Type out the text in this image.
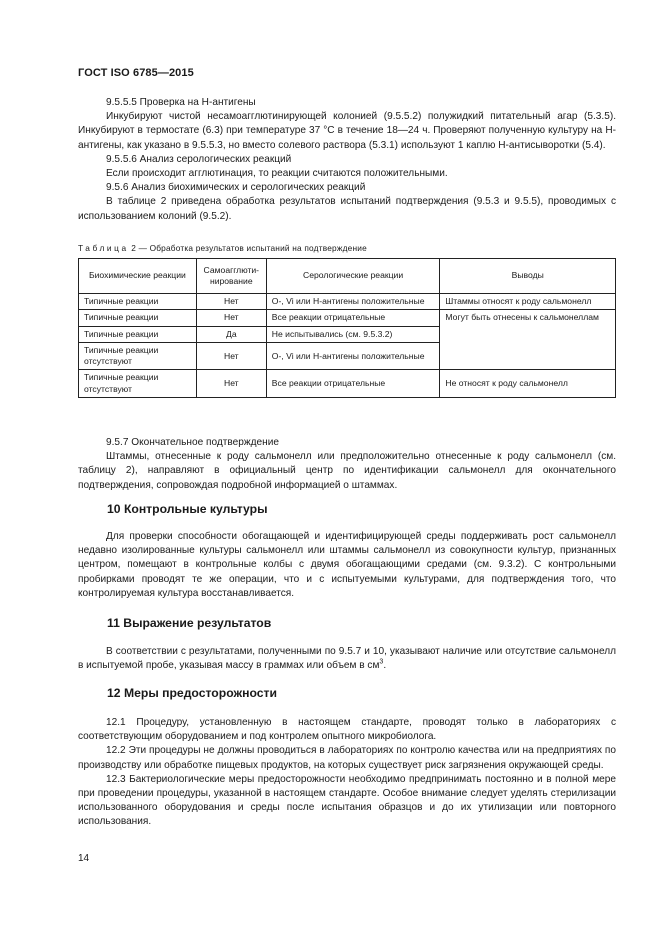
ГОСТ ISO 6785—2015

9.5.5.5 Проверка на Н-антигены

Инкубируют чистой несамоагглютинирующей колонией (9.5.5.2) полужидкий питательный агар (5.3.5). Инкубируют в термостате (6.3) при температуре 37 °С в течение 18—24 ч. Проверяют полученную культуру на Н-антигены, как указано в 9.5.5.3, но вместо солевого раствора (5.3.1) используют 1 каплю Н-антисыворотки (5.4).

9.5.5.6 Анализ серологических реакций

Если происходит агглютинация, то реакции считаются положительными.

9.5.6 Анализ биохимических и серологических реакций

В таблице 2 приведена обработка результатов испытаний подтверждения (9.5.3 и 9.5.5), проводимых с использованием колоний (9.5.2).

Таблица 2 — Обработка результатов испытаний на подтверждение
Биохимические реакции	Самоагглюти-нирование	Серологические реакции	Выводы
Типичные реакции	Нет	О-, Vi или Н-антигены положительные	Штаммы относят к роду сальмонелл
Типичные реакции	Нет	Все реакции отрицательные	Могут быть отнесены к сальмонеллам
Типичные реакции	Да	Не испытывались (см. 9.5.3.2)	
Типичные реакции отсутствуют	Нет	О-, Vi или Н-антигены положительные	
Типичные реакции отсутствуют	Нет	Все реакции отрицательные	Не относят к роду сальмонелл

9.5.7 Окончательное подтверждение

Штаммы, отнесенные к роду сальмонелл или предположительно отнесенные к роду сальмонелл (см. таблицу 2), направляют в официальный центр по идентификации сальмонелл для окончательного подтверждения, сопровождая подробной информацией о штаммах.

10 Контрольные культуры

Для проверки способности обогащающей и идентифицирующей среды поддерживать рост сальмонелл недавно изолированные культуры сальмонелл или штаммы сальмонелл из совокупности культур, признанных центром, помещают в контрольные колбы с двумя обогащающими средами (см. 9.3.2). С контрольными пробирками проводят те же операции, что и с испытуемыми культурами, для подтверждения того, что контролируемая культура восстанавливается.

11 Выражение результатов

В соответствии с результатами, полученными по 9.5.7 и 10, указывают наличие или отсутствие сальмонелл в испытуемой пробе, указывая массу в граммах или объем в $см^3$.

12 Меры предосторожности

12.1 Процедуру, установленную в настоящем стандарте, проводят только в лабораториях с соответствующим оборудованием и под контролем опытного микробиолога.

12.2 Эти процедуры не должны проводиться в лабораториях по контролю качества или на предприятиях по производству или обработке пищевых продуктов, на которых существует риск загрязнения окружающей среды.

12.3 Бактериологические меры предосторожности необходимо предпринимать постоянно и в полной мере при проведении процедуры, указанной в настоящем стандарте. Особое внимание следует уделять стерилизации использованного оборудования и среды после испытания образцов и до их утилизации или повторного использования.

14
